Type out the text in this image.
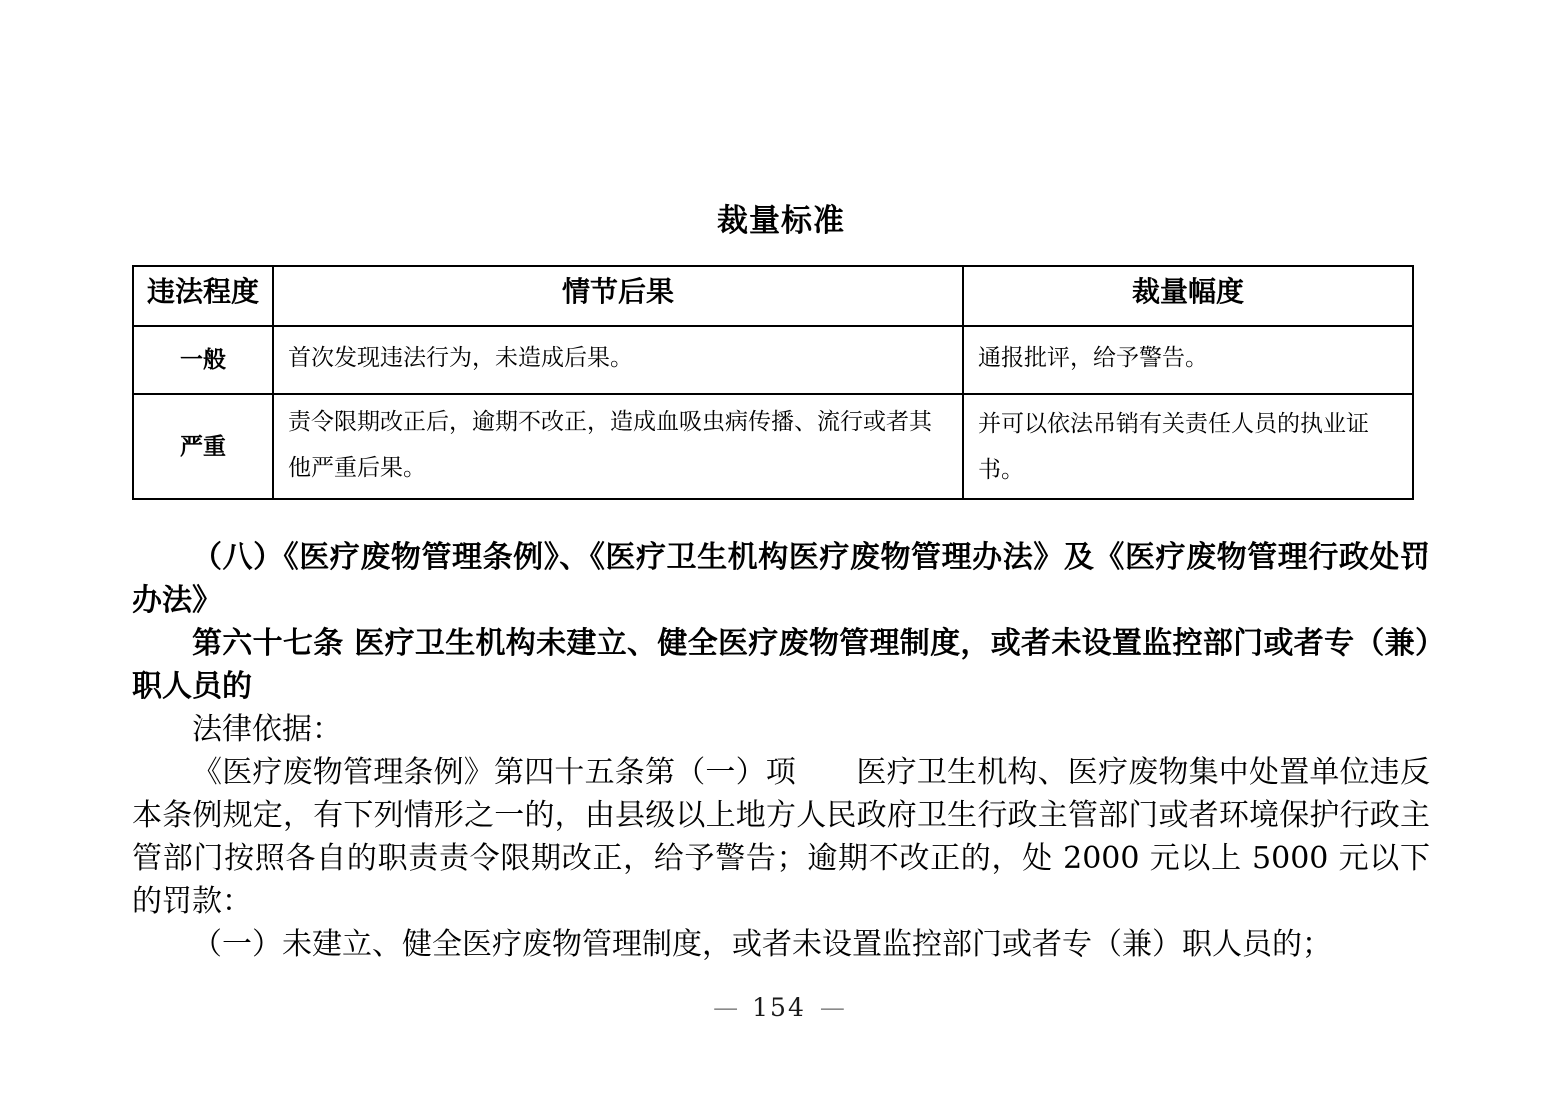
裁量标准
违法程度	情节后果	裁量幅度
一般	首次发现违法行为，未造成后果。	通报批评，给予警告。
严重	责令限期改正后，逾期不改正，造成血吸虫病传播、流行或者其他严重后果。	并可以依法吊销有关责任人员的执业证书。

（八）《医疗废物管理条例》、《医疗卫生机构医疗废物管理办法》及《医疗废物管理行政处罚办法》

第六十七条 医疗卫生机构未建立、健全医疗废物管理制度，或者未设置监控部门或者专（兼）职人员的

法律依据：

《医疗废物管理条例》第四十五条第（一）项　　医疗卫生机构、医疗废物集中处置单位违反本条例规定，有下列情形之一的，由县级以上地方人民政府卫生行政主管部门或者环境保护行政主管部门按照各自的职责责令限期改正，给予警告；逾期不改正的，处 2000 元以上 5000 元以下的罚款：

（一）未建立、健全医疗废物管理制度，或者未设置监控部门或者专（兼）职人员的；

— 154 —
